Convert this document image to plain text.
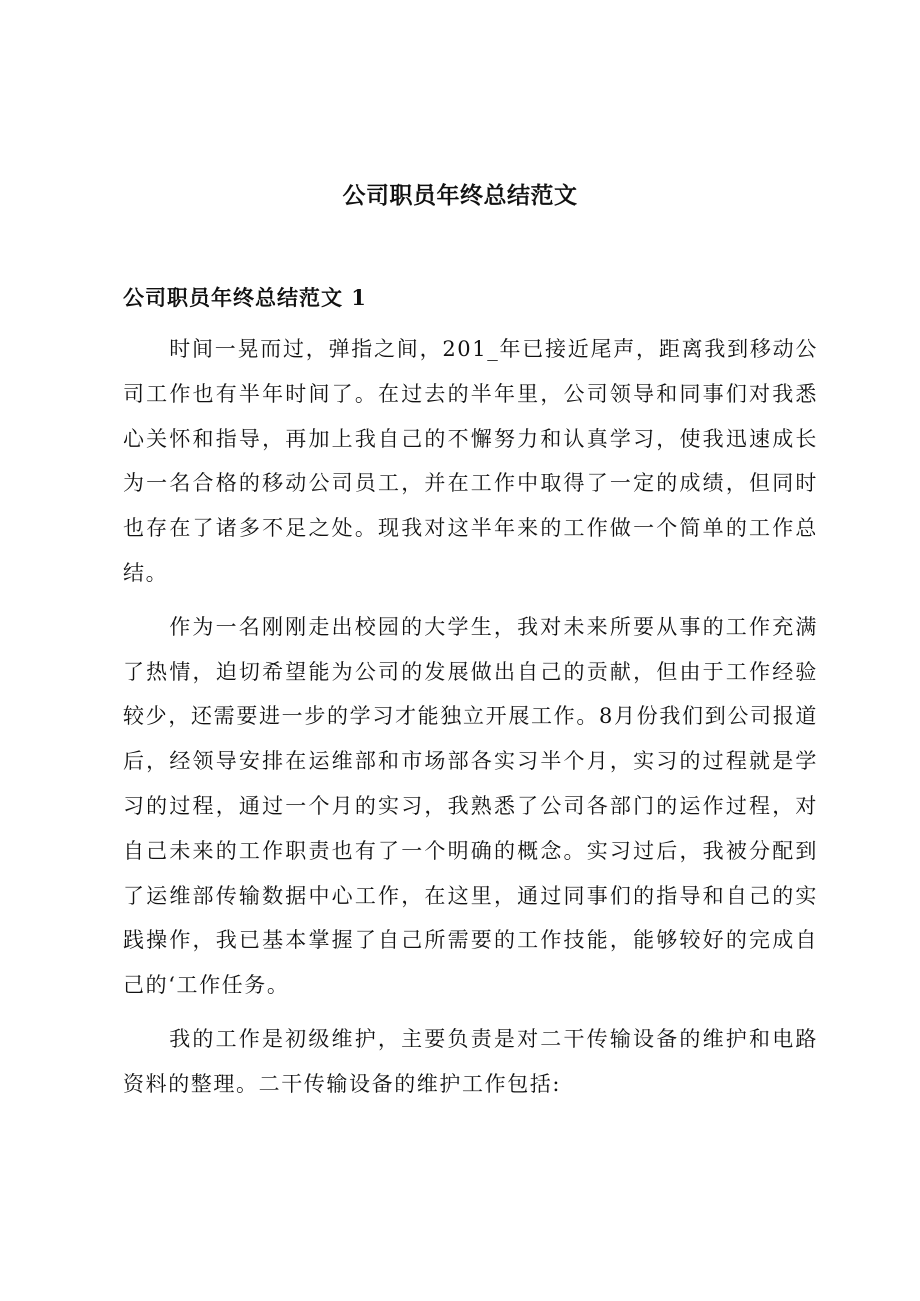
公司职员年终总结范文
公司职员年终总结范文 1

时间一晃而过，弹指之间，201_年已接近尾声，距离我到移动公司工作也有半年时间了。在过去的半年里，公司领导和同事们对我悉心关怀和指导，再加上我自己的不懈努力和认真学习，使我迅速成长为一名合格的移动公司员工，并在工作中取得了一定的成绩，但同时也存在了诸多不足之处。现我对这半年来的工作做一个简单的工作总结。

作为一名刚刚走出校园的大学生，我对未来所要从事的工作充满了热情，迫切希望能为公司的发展做出自己的贡献，但由于工作经验较少，还需要进一步的学习才能独立开展工作。8月份我们到公司报道后，经领导安排在运维部和市场部各实习半个月，实习的过程就是学习的过程，通过一个月的实习，我熟悉了公司各部门的运作过程，对自己未来的工作职责也有了一个明确的概念。实习过后，我被分配到了运维部传输数据中心工作，在这里，通过同事们的指导和自己的实践操作，我已基本掌握了自己所需要的工作技能，能够较好的完成自己的‘工作任务。

我的工作是初级维护，主要负责是对二干传输设备的维护和电路资料的整理。二干传输设备的维护工作包括:
